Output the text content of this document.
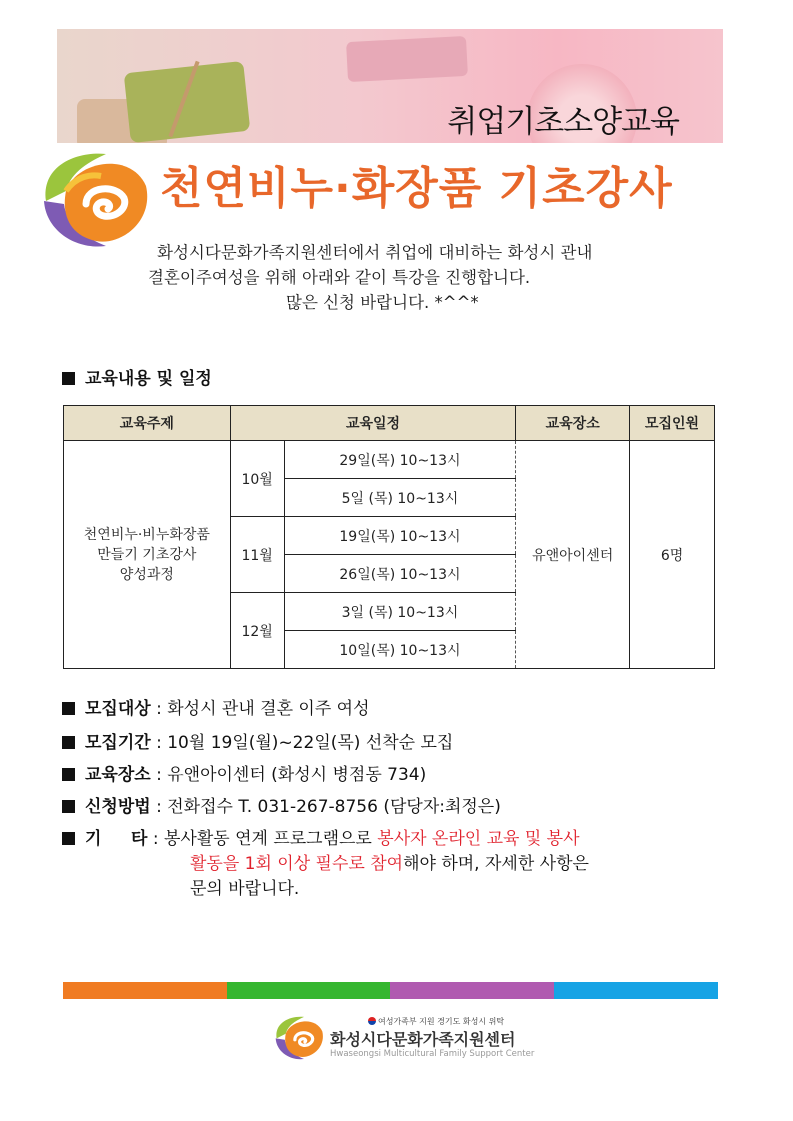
취업기초소양교육
천연비누·화장품 기초강사
화성시다문화가족지원센터에서 취업에 대비하는 화성시 관내
결혼이주여성을 위해 아래와 같이 특강을 진행합니다.
많은 신청 바랍니다. *^^*
교육내용 및 일정
교육주제	교육일정		교육장소	모집인원

천연비누·비누화장품
만들기 기초강사
양성과정	10월	29일(목) 10~13시	유앤아이센터	6명
		5일 (목) 10~13시		
	11월	19일(목) 10~13시		
		26일(목) 10~13시		
	12월	3일 (목) 10~13시		
		10일(목) 10~13시		
모집대상 : 화성시 관내 결혼 이주 여성
모집기간 : 10월 19일(월)~22일(목) 선착순 모집
교육장소 : 유앤아이센터 (화성시 병점동 734)
신청방법 : 전화접수 T. 031-267-8756 (담당자:최정은)
기     타 : 봉사활동 연계 프로그램으로 봉사자 온라인 교육 및 봉사
활동을 1회 이상 필수로 참여해야 하며, 자세한 사항은
문의 바랍니다.
여성가족부 지원 경기도 화성시 위탁
화성시다문화가족지원센터
Hwaseongsi Multicultural Family Support Center
